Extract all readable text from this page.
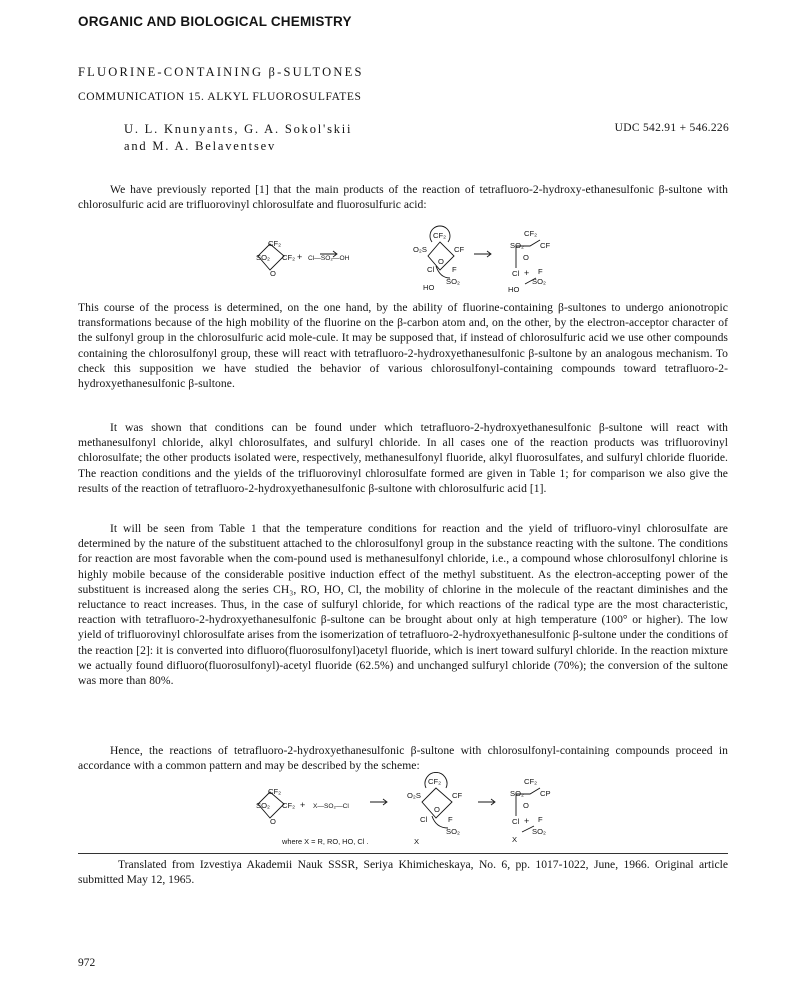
ORGANIC AND BIOLOGICAL CHEMISTRY
FLUORINE-CONTAINING β-SULTONES
COMMUNICATION 15. ALKYL FLUOROSULFATES
U. L. Knunyants, G. A. Sokol'skii
and M. A. Belaventsev
UDC 542.91 + 546.226

We have previously reported [1] that the main products of the reaction of tetrafluoro-2-hydroxy-ethanesulfonic β-sultone with chlorosulfuric acid are trifluorovinyl chlorosulfate and fluorosulfuric acid:

CF₂
SO₂ CF₂
O
+ Cl—SO₂—OH
CF₂
O₂S	CF
O
Cl F
SO₂
HO
CF₂
SO₂ CF
O
Cl + F
SO₂
HO

This course of the process is determined, on the one hand, by the ability of fluorine-containing β-sultones to undergo anionotropic transformations because of the high mobility of the fluorine on the β-carbon atom and, on the other, by the electron-acceptor character of the sulfonyl group in the chlorosulfuric acid mole-cule. It may be supposed that, if instead of chlorosulfuric acid we use other compounds containing the chlorosulfonyl group, these will react with tetrafluoro-2-hydroxyethanesulfonic β-sultone by an analogous mechanism. To check this supposition we have studied the behavior of various chlorosulfonyl-containing compounds toward tetrafluoro-2-hydroxyethanesulfonic β-sultone.

It was shown that conditions can be found under which tetrafluoro-2-hydroxyethanesulfonic β-sultone will react with methanesulfonyl chloride, alkyl chlorosulfates, and sulfuryl chloride. In all cases one of the reaction products was trifluorovinyl chlorosulfate; the other products isolated were, respectively, methanesulfonyl fluoride, alkyl fluorosulfates, and sulfuryl chloride fluoride. The reaction conditions and the yields of the trifluorovinyl chlorosulfate formed are given in Table 1; for comparison we also give the results of the reaction of tetrafluoro-2-hydroxyethanesulfonic β-sultone with chlorosulfuric acid [1].

It will be seen from Table 1 that the temperature conditions for reaction and the yield of trifluoro-vinyl chlorosulfate are determined by the nature of the substituent attached to the chlorosulfonyl group in the substance reacting with the sultone. The conditions for reaction are most favorable when the com-pound used is methanesulfonyl chloride, i.e., a compound whose chlorosulfonyl chlorine is highly mobile because of the considerable positive induction effect of the methyl substituent. As the electron-accepting power of the substituent is increased along the series CH₃, RO, HO, Cl, the mobility of chlorine in the molecule of the reactant diminishes and the reluctance to react increases. Thus, in the case of sulfuryl chloride, for which reactions of the radical type are the most characteristic, reaction with tetrafluoro-2-hydroxyethanesulfonic β-sultone can be brought about only at high temperature (100° or higher). The low yield of trifluorovinyl chlorosulfate arises from the isomerization of tetrafluoro-2-hydroxyethanesulfonic β-sultone under the conditions of the reaction [2]: it is converted into difluoro(fluorosulfonyl)acetyl fluoride, which is inert toward sulfuryl chloride. In the reaction mixture we actually found difluoro(fluorosulfonyl)-acetyl fluoride (62.5%) and unchanged sulfuryl chloride (70%); the conversion of the sultone was more than 80%.

Hence, the reactions of tetrafluoro-2-hydroxyethanesulfonic β-sultone with chlorosulfonyl-containing compounds proceed in accordance with a common pattern and may be described by the scheme:

CF₂
SO₂ CF₂
O
+ X—SO₂—Cl
CF₂
O₂S	CF
O
Cl	F
SO₂
X
CF₂
SO₂ CP
O
Cl + F
SO₂
X
where X = R, RO, HO, Cl .

Translated from Izvestiya Akademii Nauk SSSR, Seriya Khimicheskaya, No. 6, pp. 1017-1022, June, 1966. Original article submitted May 12, 1965.

972
